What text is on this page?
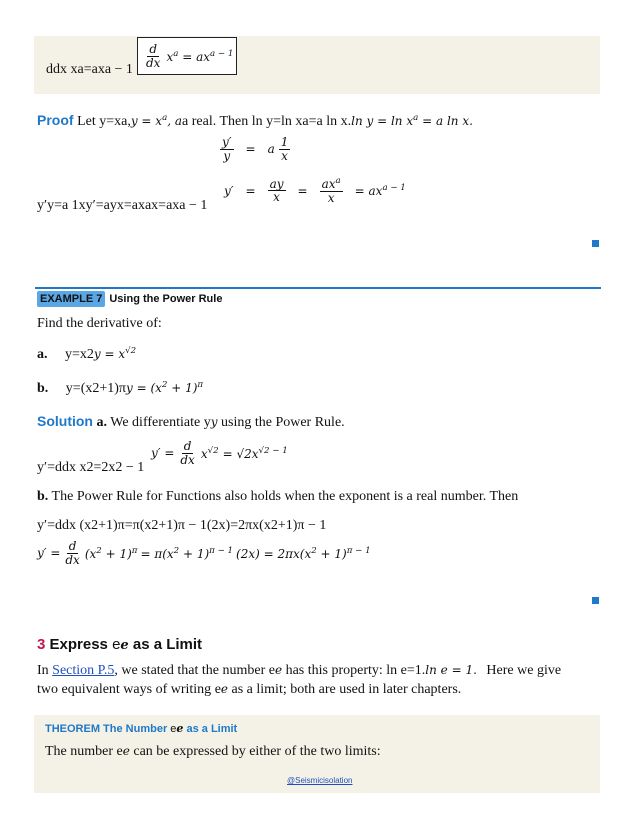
ddx xa=axa − 1
$\frac{d}{dx} x^a = ax^{a - 1}$
Proof Let $y=xa,y = x^a$, aa real. Then ln y=ln xa=a ln x.ln $y = \ln x^a = a$ ln x.
$\frac{y'}{y} = a \frac{1}{x}$
y′y=a 1xy′=ayx=axax=axa − 1
$y' = \frac{ay}{x} = \frac{ax^a}{x} = ax^{a - 1}$
EXAMPLE 7 Using the Power Rule
Find the derivative of:
a. $y=x2y = x^{√2}$
b. $y=(x2+1)\pi y = (x^2 + 1)^\pi$
Solution a. We differentiate yy using the Power Rule.
y′=ddx x2=2x2 − 1
$y' = \frac{d}{dx} x^{√2} = √2x^{√2 - 1}$
b. The Power Rule for Functions also holds when the exponent is a real number. Then
y′=ddx (x2+1)π=π(x2+1)π − 1(2x)=2πx(x2+1)π − 1
$y' = \frac{d}{dx} (x^2 + 1)^\pi = \pi(x^2 + 1)^{\pi - 1}$ $(2x) = 2\pi x(x^2 + 1)^{\pi - 1}$
3 Express ee as a Limit
In Section P.5, we stated that the number ee has this property: ln e=1.ln e = 1. Here we give
two equivalent ways of writing ee as a limit; both are used in later chapters.
THEOREM The Number ee as a Limit
The number ee can be expressed by either of the two limits:
@Seismicisolation
